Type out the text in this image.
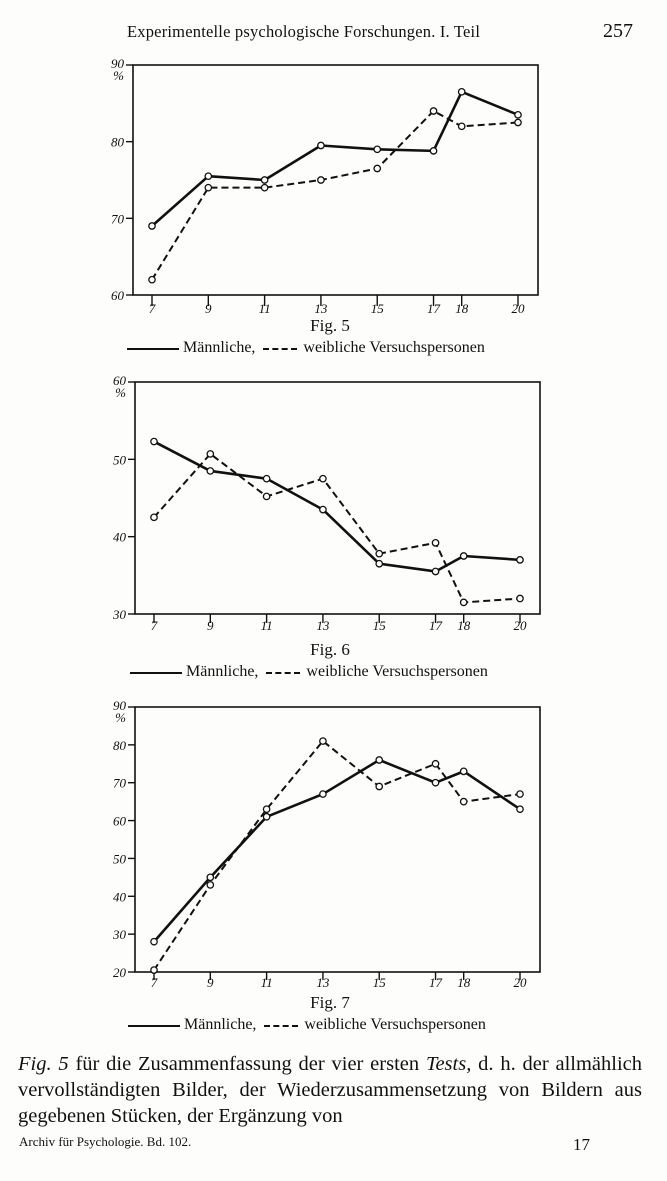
Experimentelle psychologische Forschungen. I. Teil	257
60
70
80
90
%
7	9	11	13	15	17 18	20
Fig. 5
Männliche,	weibliche Versuchspersonen
30
40
50
60
%
7	9	11	13	15	17 18	20
Fig. 6
Männliche,	weibliche Versuchspersonen
20
30
40
50
60
70
80
90
%
7	9	11	13	15	17 18	20
Fig. 7
Männliche,	weibliche Versuchspersonen
Fig. 5 für die Zusammenfassung der vier ersten Tests, d. h. der allmählich vervollständigten Bilder, der Wiederzusammensetzung von Bildern aus gegebenen Stücken, der Ergänzung von
Archiv für Psychologie. Bd. 102.	17
